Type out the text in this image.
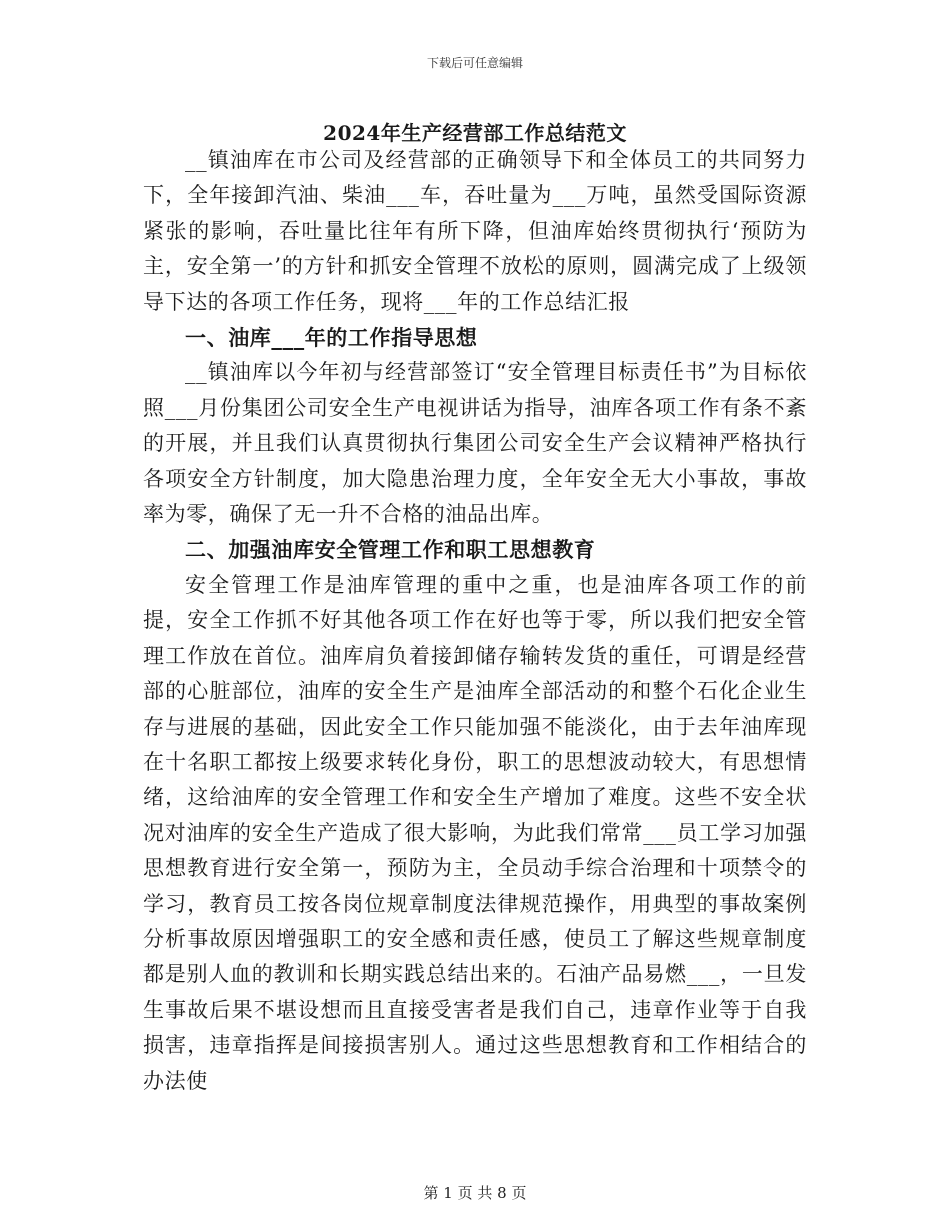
下载后可任意编辑
2024年生产经营部工作总结范文

__镇油库在市公司及经营部的正确领导下和全体员工的共同努力下，全年接卸汽油、柴油___车，吞吐量为___万吨，虽然受国际资源紧张的影响，吞吐量比往年有所下降，但油库始终贯彻执行‘预防为主，安全第一’的方针和抓安全管理不放松的原则，圆满完成了上级领导下达的各项工作任务，现将___年的工作总结汇报

一、油库___年的工作指导思想

__镇油库以今年初与经营部签订“安全管理目标责任书”为目标依照___月份集团公司安全生产电视讲话为指导，油库各项工作有条不紊的开展，并且我们认真贯彻执行集团公司安全生产会议精神严格执行各项安全方针制度，加大隐患治理力度，全年安全无大小事故，事故率为零，确保了无一升不合格的油品出库。

二、加强油库安全管理工作和职工思想教育

安全管理工作是油库管理的重中之重，也是油库各项工作的前提，安全工作抓不好其他各项工作在好也等于零，所以我们把安全管理工作放在首位。油库肩负着接卸储存输转发货的重任，可谓是经营部的心脏部位，油库的安全生产是油库全部活动的和整个石化企业生存与进展的基础，因此安全工作只能加强不能淡化，由于去年油库现在十名职工都按上级要求转化身份，职工的思想波动较大，有思想情绪，这给油库的安全管理工作和安全生产增加了难度。这些不安全状况对油库的安全生产造成了很大影响，为此我们常常___员工学习加强思想教育进行安全第一，预防为主，全员动手综合治理和十项禁令的学习，教育员工按各岗位规章制度法律规范操作，用典型的事故案例分析事故原因增强职工的安全感和责任感，使员工了解这些规章制度都是别人血的教训和长期实践总结出来的。石油产品易燃___，一旦发生事故后果不堪设想而且直接受害者是我们自己，违章作业等于自我损害，违章指挥是间接损害别人。通过这些思想教育和工作相结合的办法使

第 1 页 共 8 页
